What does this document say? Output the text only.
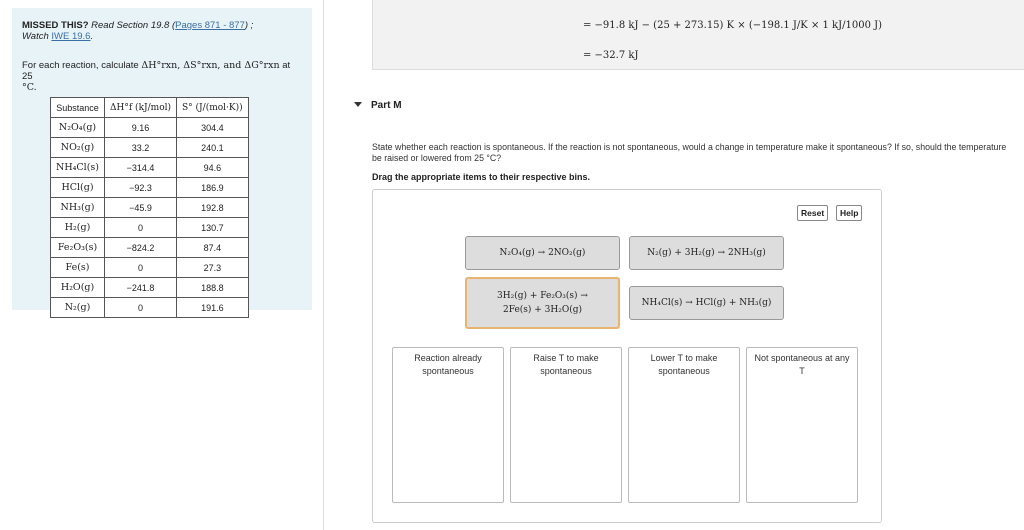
MISSED THIS? Read Section 19.8 (Pages 871 - 877) ;
Watch IWE 19.6.
For each reaction, calculate ΔH°rxn, ΔS°rxn, and ΔG°rxn at 25
°C.
Substance	ΔH°f (kJ/mol)	S° (J/(mol·K))
N₂O₄(g)	9.16	304.4
NO₂(g)	33.2	240.1
NH₄Cl(s)	−314.4	94.6
HCl(g)	−92.3	186.9
NH₃(g)	−45.9	192.8
H₂(g)	0	130.7
Fe₂O₃(s)	−824.2	87.4
Fe(s)	0	27.3
H₂O(g)	−241.8	188.8
N₂(g)	0	191.6
= −91.8 kJ − (25 + 273.15) K × (−198.1 J/K × 1 kJ/1000 J)
= −32.7 kJ
Part M
State whether each reaction is spontaneous. If the reaction is not spontaneous, would a change in temperature make it spontaneous? If so, should the temperature be raised or lowered from 25 °C?
Drag the appropriate items to their respective bins.
Reset	Help
N₂O₄(g) → 2NO₂(g)	N₂(g) + 3H₂(g) → 2NH₃(g)
3H₂(g) + Fe₂O₃(s) → 2Fe(s) + 3H₂O(g)
NH₄Cl(s) → HCl(g) + NH₃(g)
Reaction already spontaneous
Raise T to make spontaneous
Lower T to make spontaneous
Not spontaneous at any T
